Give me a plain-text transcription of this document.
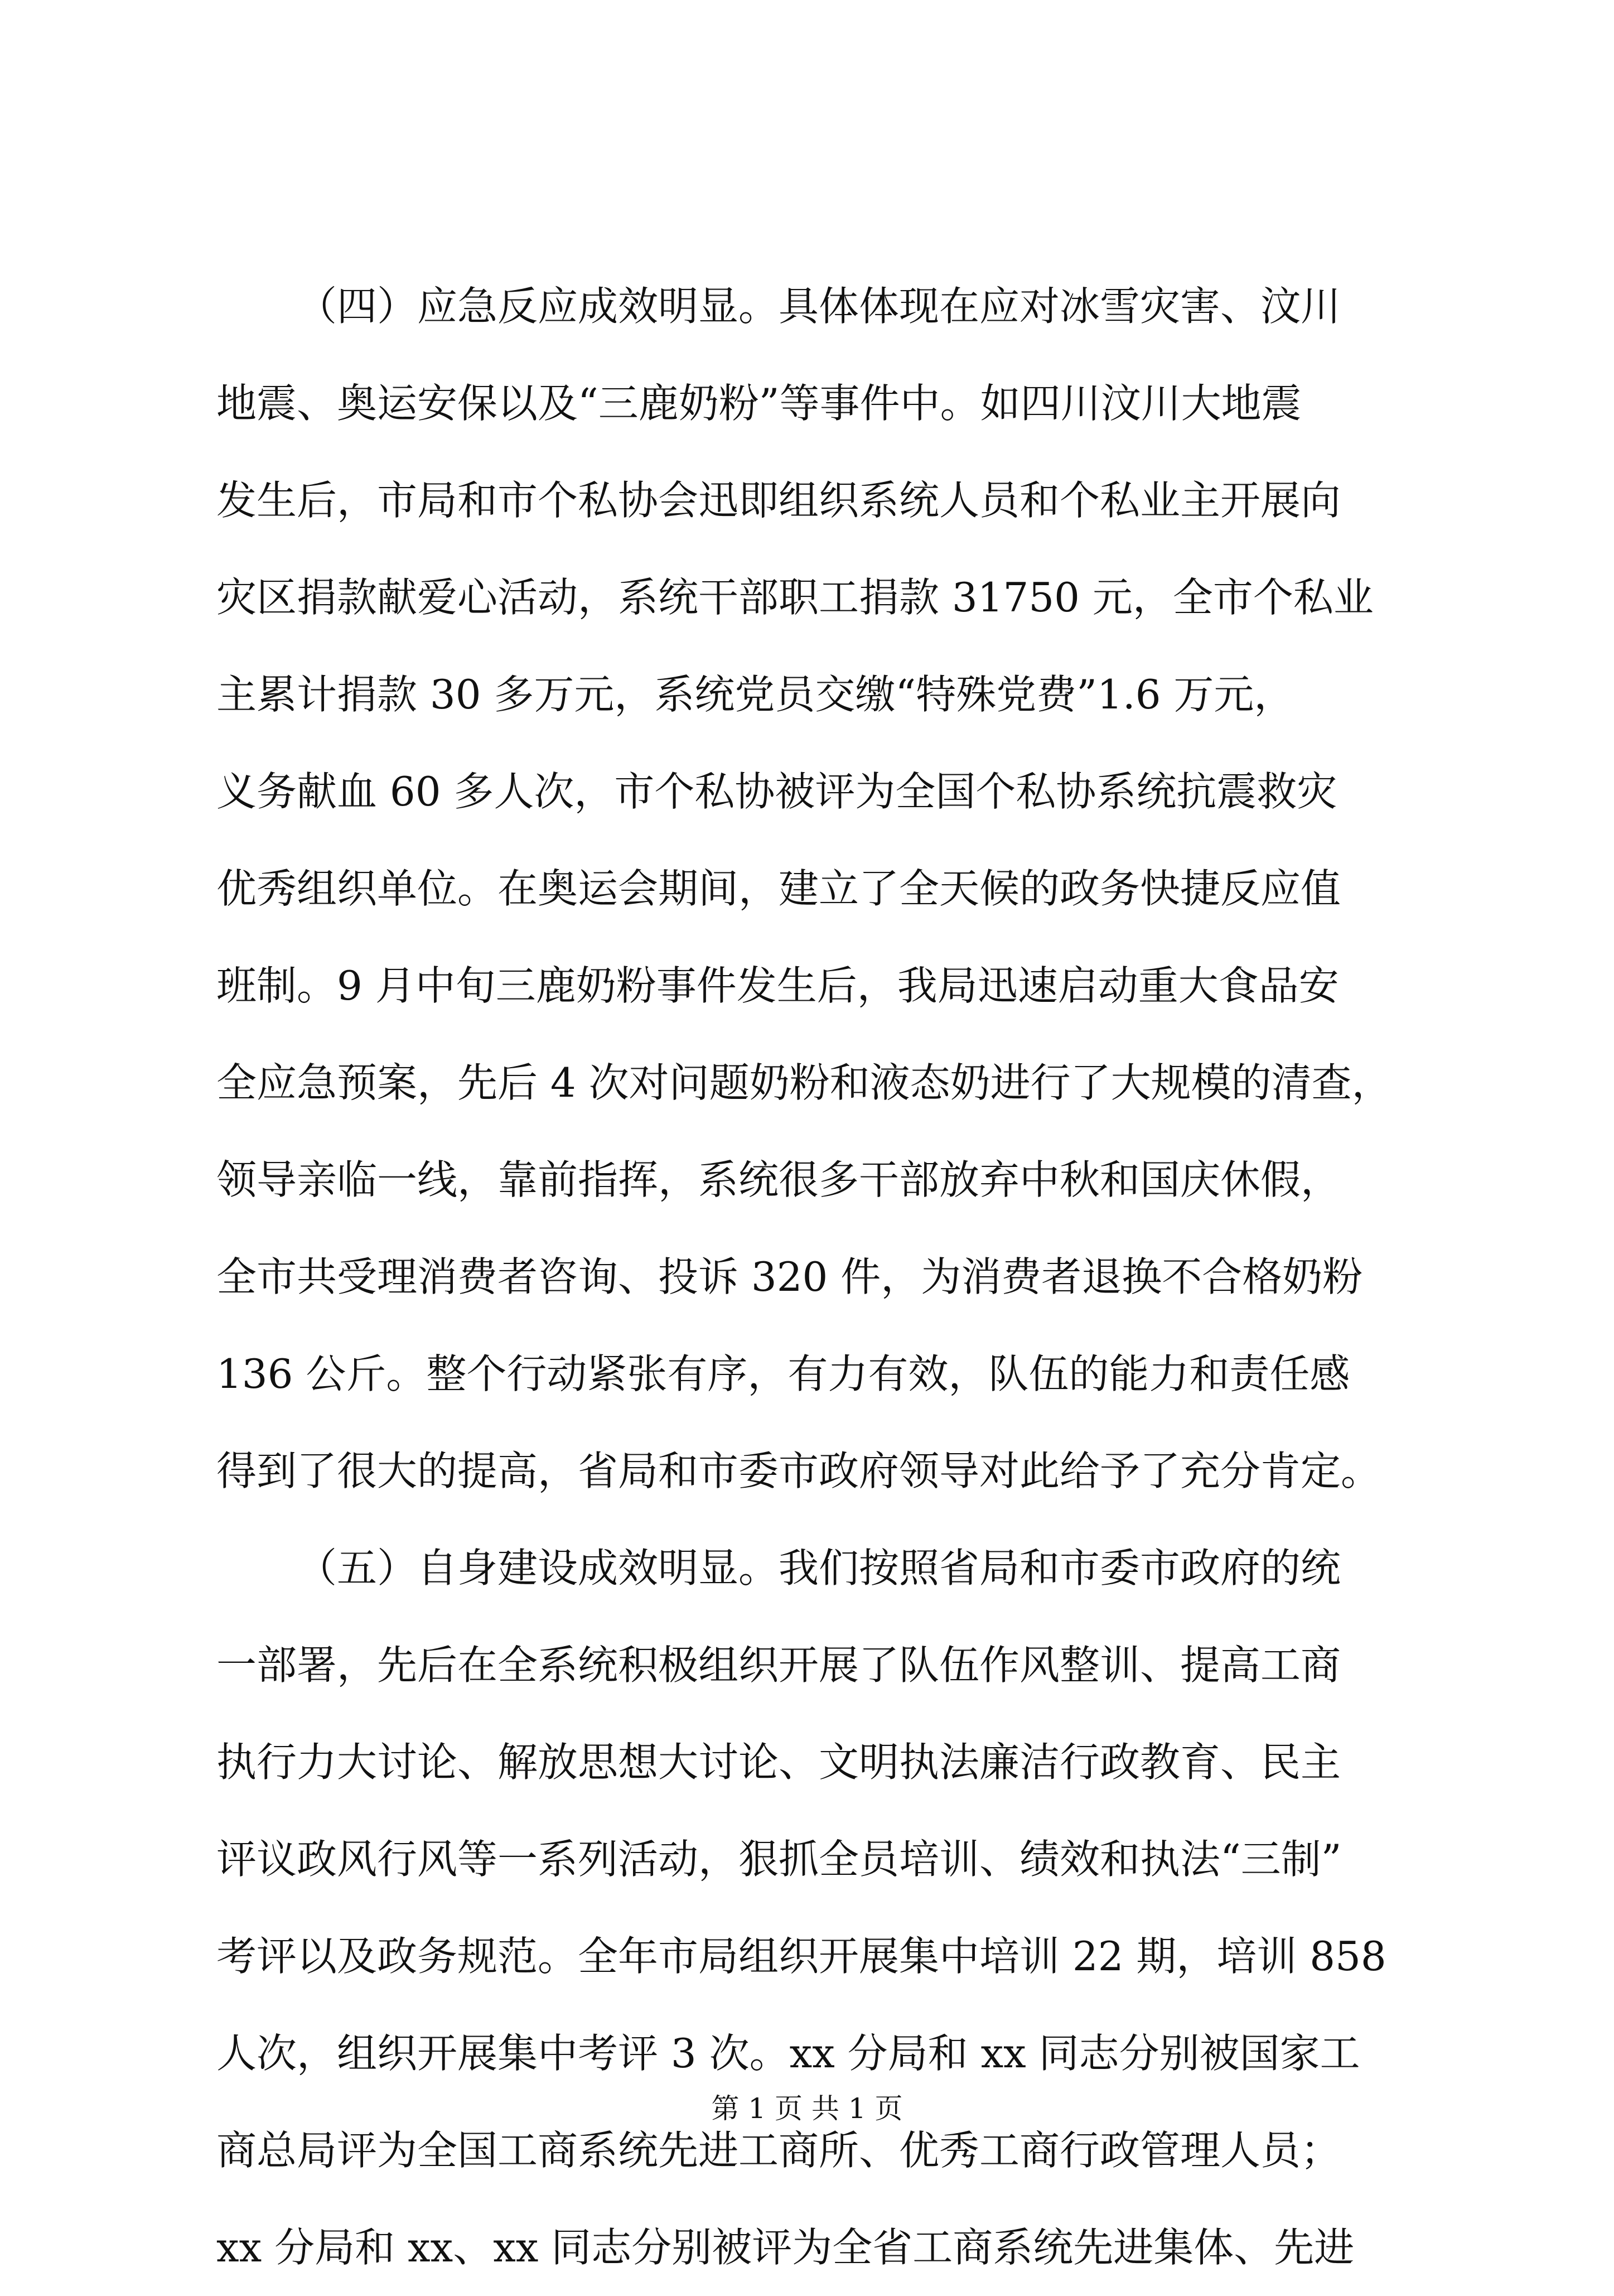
（四）应急反应成效明显。具体体现在应对冰雪灾害、汶川
地震、奥运安保以及“三鹿奶粉”等事件中。如四川汶川大地震
发生后，市局和市个私协会迅即组织系统人员和个私业主开展向
灾区捐款献爱心活动，系统干部职工捐款 31750 元，全市个私业
主累计捐款 30 多万元，系统党员交缴“特殊党费”1.6 万元，
义务献血 60 多人次，市个私协被评为全国个私协系统抗震救灾
优秀组织单位。在奥运会期间，建立了全天候的政务快捷反应值
班制。9 月中旬三鹿奶粉事件发生后，我局迅速启动重大食品安
全应急预案，先后 4 次对问题奶粉和液态奶进行了大规模的清查，
领导亲临一线，靠前指挥，系统很多干部放弃中秋和国庆休假，
全市共受理消费者咨询、投诉 320 件，为消费者退换不合格奶粉
136 公斤。整个行动紧张有序，有力有效，队伍的能力和责任感
得到了很大的提高，省局和市委市政府领导对此给予了充分肯定。
（五）自身建设成效明显。我们按照省局和市委市政府的统
一部署，先后在全系统积极组织开展了队伍作风整训、提高工商
执行力大讨论、解放思想大讨论、文明执法廉洁行政教育、民主
评议政风行风等一系列活动，狠抓全员培训、绩效和执法“三制”
考评以及政务规范。全年市局组织开展集中培训 22 期，培训 858
人次，组织开展集中考评 3 次。xx 分局和 xx 同志分别被国家工
商总局评为全国工商系统先进工商所、优秀工商行政管理人员；
xx 分局和 xx、xx 同志分别被评为全省工商系统先进集体、先进
第 1 页 共 1 页
